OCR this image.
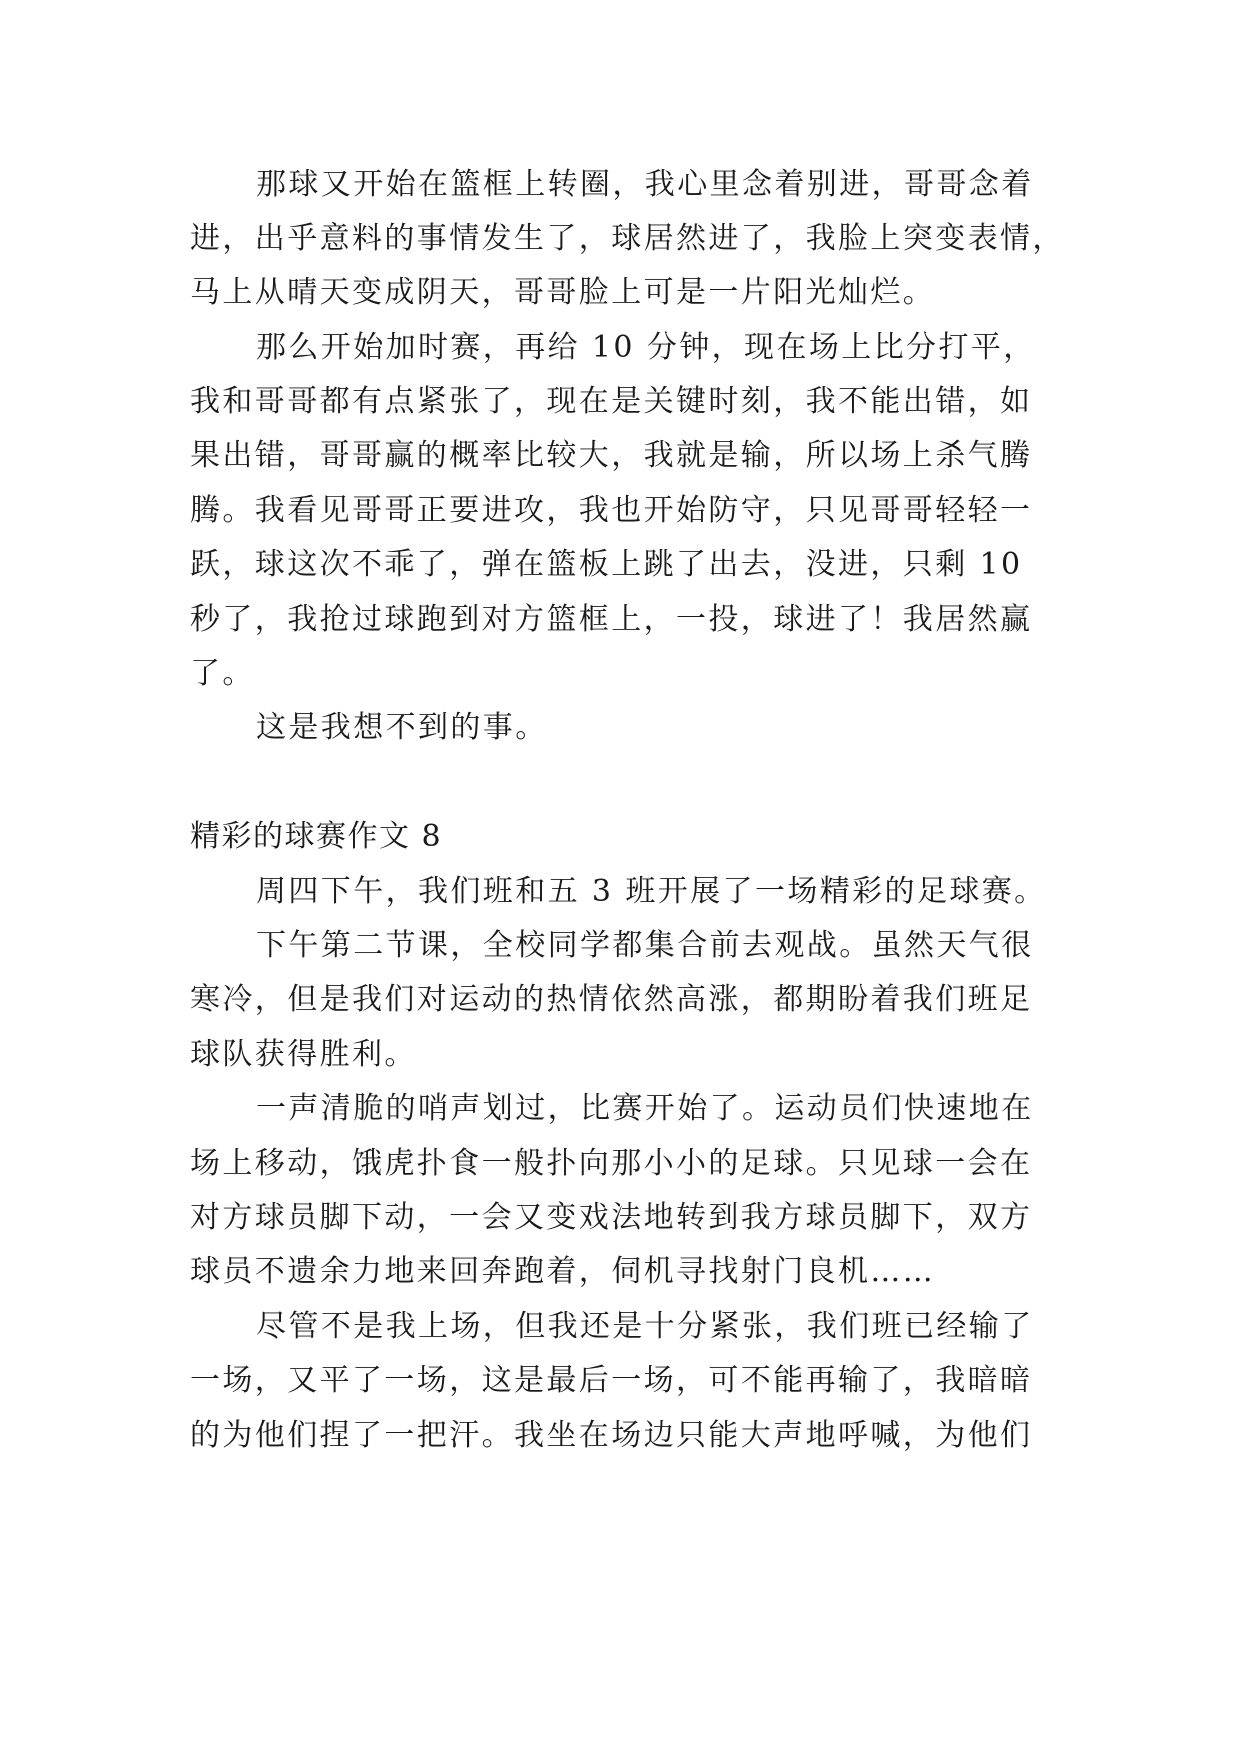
那球又开始在篮框上转圈，我心里念着别进，哥哥念着

进，出乎意料的事情发生了，球居然进了，我脸上突变表情，

马上从晴天变成阴天，哥哥脸上可是一片阳光灿烂。

那么开始加时赛，再给 10 分钟，现在场上比分打平，

我和哥哥都有点紧张了，现在是关键时刻，我不能出错，如

果出错，哥哥赢的概率比较大，我就是输，所以场上杀气腾

腾。我看见哥哥正要进攻，我也开始防守，只见哥哥轻轻一

跃，球这次不乖了，弹在篮板上跳了出去，没进，只剩 10

秒了，我抢过球跑到对方篮框上，一投，球进了！我居然赢

了。

这是我想不到的事。

精彩的球赛作文 8

周四下午，我们班和五 3 班开展了一场精彩的足球赛。

下午第二节课，全校同学都集合前去观战。虽然天气很

寒冷，但是我们对运动的热情依然高涨，都期盼着我们班足

球队获得胜利。

一声清脆的哨声划过，比赛开始了。运动员们快速地在

场上移动，饿虎扑食一般扑向那小小的足球。只见球一会在

对方球员脚下动，一会又变戏法地转到我方球员脚下，双方

球员不遗余力地来回奔跑着，伺机寻找射门良机……

尽管不是我上场，但我还是十分紧张，我们班已经输了

一场，又平了一场，这是最后一场，可不能再输了，我暗暗

的为他们捏了一把汗。我坐在场边只能大声地呼喊，为他们
